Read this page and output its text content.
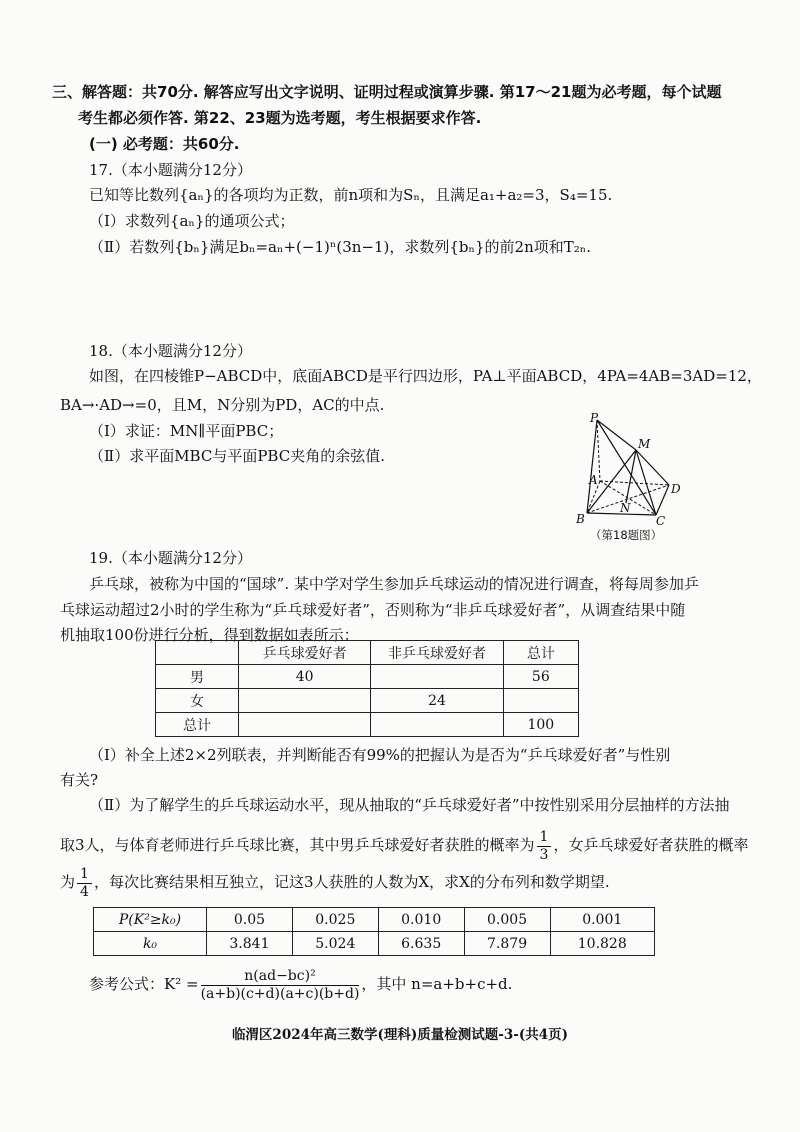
三、解答题：共70分. 解答应写出文字说明、证明过程或演算步骤. 第17～21题为必考题，每个试题
考生都必须作答. 第22、23题为选考题，考生根据要求作答.
(一) 必考题：共60分.
17.（本小题满分12分）
已知等比数列{aₙ}的各项均为正数，前n项和为Sₙ，且满足a₁+a₂=3，S₄=15.
（Ⅰ）求数列{aₙ}的通项公式；
（Ⅱ）若数列{bₙ}满足bₙ=aₙ+(−1)ⁿ(3n−1)，求数列{bₙ}的前2n项和T₂ₙ.
18.（本小题满分12分）
如图，在四棱锥P−ABCD中，底面ABCD是平行四边形，PA⊥平面ABCD，4PA=4AB=3AD=12，
BA→·AD→=0，且M，N分别为PD，AC的中点.
（Ⅰ）求证：MN∥平面PBC；
（Ⅱ）求平面MBC与平面PBC夹角的余弦值.
P
M
A
D
N
B	C
（第18题图）
19.（本小题满分12分）
乒乓球，被称为中国的“国球”. 某中学对学生参加乒乓球运动的情况进行调查，将每周参加乒
乓球运动超过2小时的学生称为“乒乓球爱好者”，否则称为“非乒乓球爱好者”，从调查结果中随
机抽取100份进行分析，得到数据如表所示：
	乒乓球爱好者	非乒乓球爱好者	总计
男	40		56
女		24	
总计			100
（Ⅰ）补全上述2×2列联表，并判断能否有99%的把握认为是否为“乒乓球爱好者”与性别
有关?
（Ⅱ）为了解学生的乒乓球运动水平，现从抽取的“乒乓球爱好者”中按性别采用分层抽样的方法抽
取3人，与体育老师进行乒乓球比赛，其中男乒乓球爱好者获胜的概率为 $\frac{1}{3}$ ，女乒乓球爱好者获胜的概率
为 $\frac{1}{4}$ ，每次比赛结果相互独立，记这3人获胜的人数为X，求X的分布列和数学期望.
P(K²≥k₀)	0.05	0.025	0.010	0.005	0.001
k₀	3.841	5.024	6.635	7.879	10.828
参考公式：$K^2 = \frac{\text{n(ad−bc)²}}{(a+b)(c+d)(a+c)(b+d)}$ ，其中 n=a+b+c+d.
临渭区2024年高三数学(理科)质量检测试题-3-(共4页)
